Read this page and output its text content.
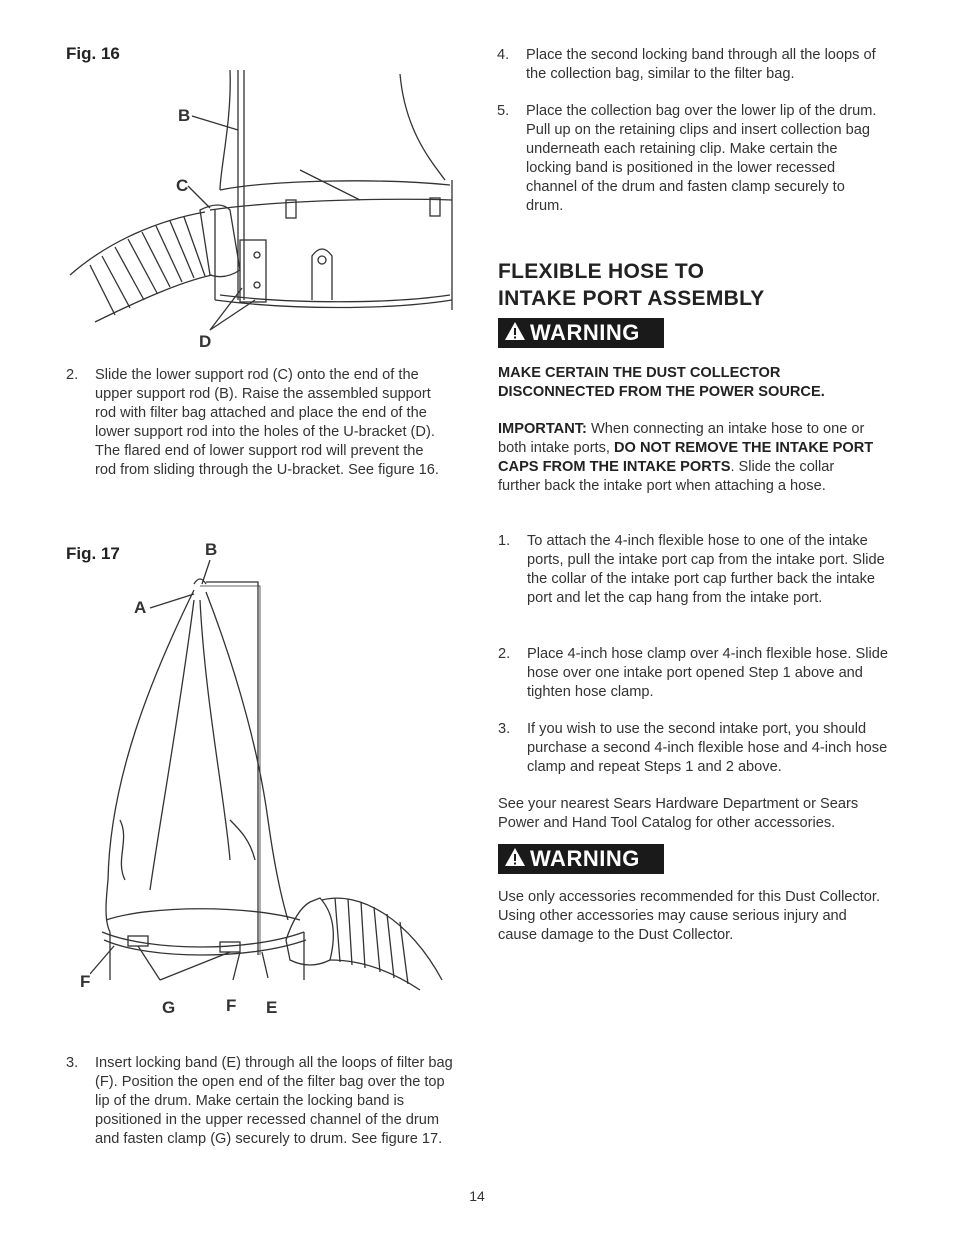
Fig. 16
B
C
D
2. Slide the lower support rod (C) onto the end of the upper support rod (B). Raise the assembled support rod with filter bag attached and place the end of the lower support rod into the holes of the U-bracket (D). The flared end of lower support rod will prevent the rod from sliding through the U-bracket. See figure 16.
Fig. 17
A
B
F
G	F E
3. Insert locking band (E) through all the loops of filter bag (F). Position the open end of the filter bag over the top lip of the drum. Make certain the locking band is positioned in the upper recessed channel of the drum and fasten clamp (G) securely to drum. See figure 17.
4. Place the second locking band through all the loops of the collection bag, similar to the filter bag.
5. Place the collection bag over the lower lip of the drum. Pull up on the retaining clips and insert collection bag underneath each retaining clip. Make certain the locking band is positioned in the lower recessed channel of the drum and fasten clamp securely to drum.
FLEXIBLE HOSE TO
INTAKE PORT ASSEMBLY
WARNING
MAKE CERTAIN THE DUST COLLECTOR DISCONNECTED FROM THE POWER SOURCE.
IMPORTANT: When connecting an intake hose to one or both intake ports, DO NOT REMOVE THE INTAKE PORT CAPS FROM THE INTAKE PORTS. Slide the collar further back the intake port when attaching a hose.
1. To attach the 4-inch flexible hose to one of the intake ports, pull the intake port cap from the intake port. Slide the collar of the intake port cap further back the intake port and let the cap hang from the intake port.
2. Place 4-inch hose clamp over 4-inch flexible hose. Slide hose over one intake port opened Step 1 above and tighten hose clamp.
3. If you wish to use the second intake port, you should purchase a second 4-inch flexible hose and 4-inch hose clamp and repeat Steps 1 and 2 above.
See your nearest Sears Hardware Department or Sears Power and Hand Tool Catalog for other accessories.
WARNING
Use only accessories recommended for this Dust Collector. Using other accessories may cause serious injury and cause damage to the Dust Collector.
14
